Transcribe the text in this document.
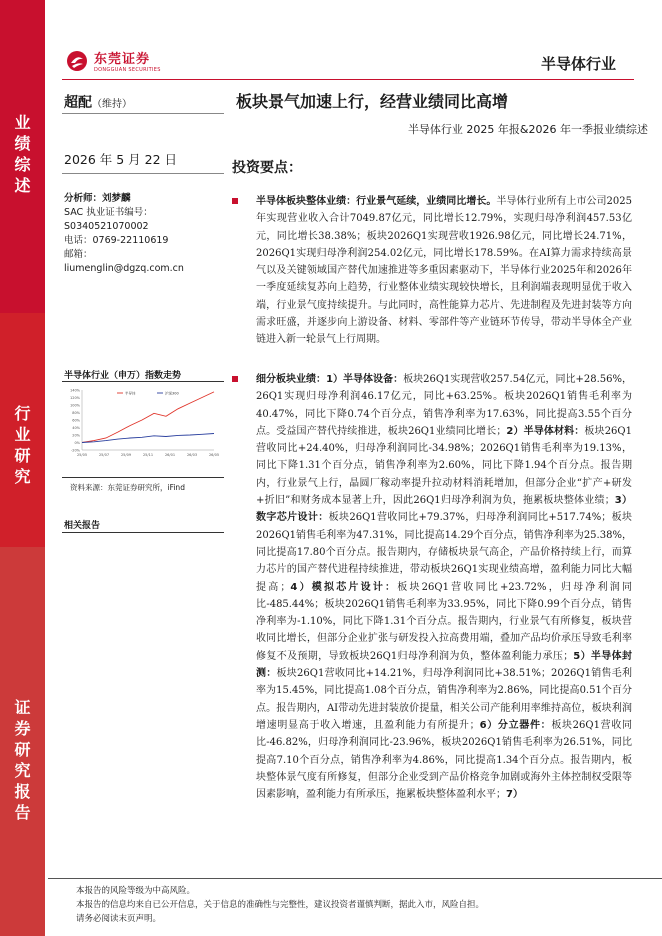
业
绩
综
述
行
业
研
究
证
券
研
究
报
告
东莞证券
DONGGUAN SECURITIES	半导体行业
超配（维持）	板块景气加速上行，经营业绩同比高增
半导体行业 2025 年报&2026 年一季报业绩综述
2026 年 5 月 22 日
分析师：刘梦麟
SAC 执业证书编号：
S0340521070002
电话：0769-22110619
邮箱：
liumenglin@dgzq.com.cn
半导体行业（申万）指数走势
140%
120%
100%
80%
60%
40%
20%
0%
-20%
25/05	25/07	25/09	25/11	26/01	26/03	26/05
半导体	沪深300
资料来源：东莞证券研究所，iFind
相关报告
投资要点：
半导体板块整体业绩：行业景气延续，业绩同比增长。半导体行业所有上市公司2025年实现营业收入合计7049.87亿元，同比增长12.79%，实现归母净利润457.53亿元，同比增长38.38%；板块2026Q1实现营收1926.98亿元，同比增长24.71%，2026Q1实现归母净利润254.02亿元，同比增长178.59%。在AI算力需求持续高景气以及关键领域国产替代加速推进等多重因素驱动下，半导体行业2025年和2026年一季度延续复苏向上趋势，行业整体业绩实现较快增长，且利润端表现明显优于收入端，行业景气度持续提升。与此同时，高性能算力芯片、先进制程及先进封装等方向需求旺盛，并逐步向上游设备、材料、零部件等产业链环节传导，带动半导体全产业链进入新一轮景气上行周期。
细分板块业绩：1）半导体设备：板块26Q1实现营收257.54亿元，同比+28.56%，26Q1实现归母净利润46.17亿元，同比+63.25%。板块2026Q1销售毛利率为40.47%，同比下降0.74个百分点，销售净利率为17.63%，同比提高3.55个百分点。受益国产替代持续推进，板块26Q1业绩同比增长；2）半导体材料：板块26Q1营收同比+24.40%，归母净利润同比-34.98%；2026Q1销售毛利率为19.13%，同比下降1.31个百分点，销售净利率为2.60%，同比下降1.94个百分点。报告期内，行业景气上行，晶圆厂稼动率提升拉动材料消耗增加，但部分企业“扩产+研发+折旧”和财务成本显著上升，因此26Q1归母净利润为负，拖累板块整体业绩；3）数字芯片设计：板块26Q1营收同比+79.37%，归母净利润同比+517.74%；板块2026Q1销售毛利率为47.31%，同比提高14.29个百分点，销售净利率为25.38%，同比提高17.80个百分点。报告期内，存储板块景气高企，产品价格持续上行，而算力芯片的国产替代进程持续推进，带动板块26Q1实现业绩高增，盈利能力同比大幅提高；4）模拟芯片设计：板块26Q1营收同比+23.72%，归母净利润同比-485.44%；板块2026Q1销售毛利率为33.95%，同比下降0.99个百分点，销售净利率为-1.10%，同比下降1.31个百分点。报告期内，行业景气有所修复，板块营收同比增长，但部分企业扩张与研发投入拉高费用端，叠加产品均价承压导致毛利率修复不及预期，导致板块26Q1归母净利润为负，整体盈利能力承压；5）半导体封测：板块26Q1营收同比+14.21%，归母净利润同比+38.51%；2026Q1销售毛利率为15.45%，同比提高1.08个百分点，销售净利率为2.86%，同比提高0.51个百分点。报告期内，AI带动先进封装放价提量，相关公司产能利用率维持高位，板块利润增速明显高于收入增速，且盈利能力有所提升；6）分立器件：板块26Q1营收同比-46.82%，归母净利润同比-23.96%，板块2026Q1销售毛利率为26.51%，同比提高7.10个百分点，销售净利率为4.86%，同比提高1.34个百分点。报告期内，板块整体景气度有所修复，但部分企业受到产品价格竞争加剧或海外主体控制权受限等因素影响，盈利能力有所承压，拖累板块整体盈利水平；7）
本报告的风险等级为中高风险。
本报告的信息均来自已公开信息，关于信息的准确性与完整性，建议投资者谨慎判断，据此入市，风险自担。
请务必阅读末页声明。
